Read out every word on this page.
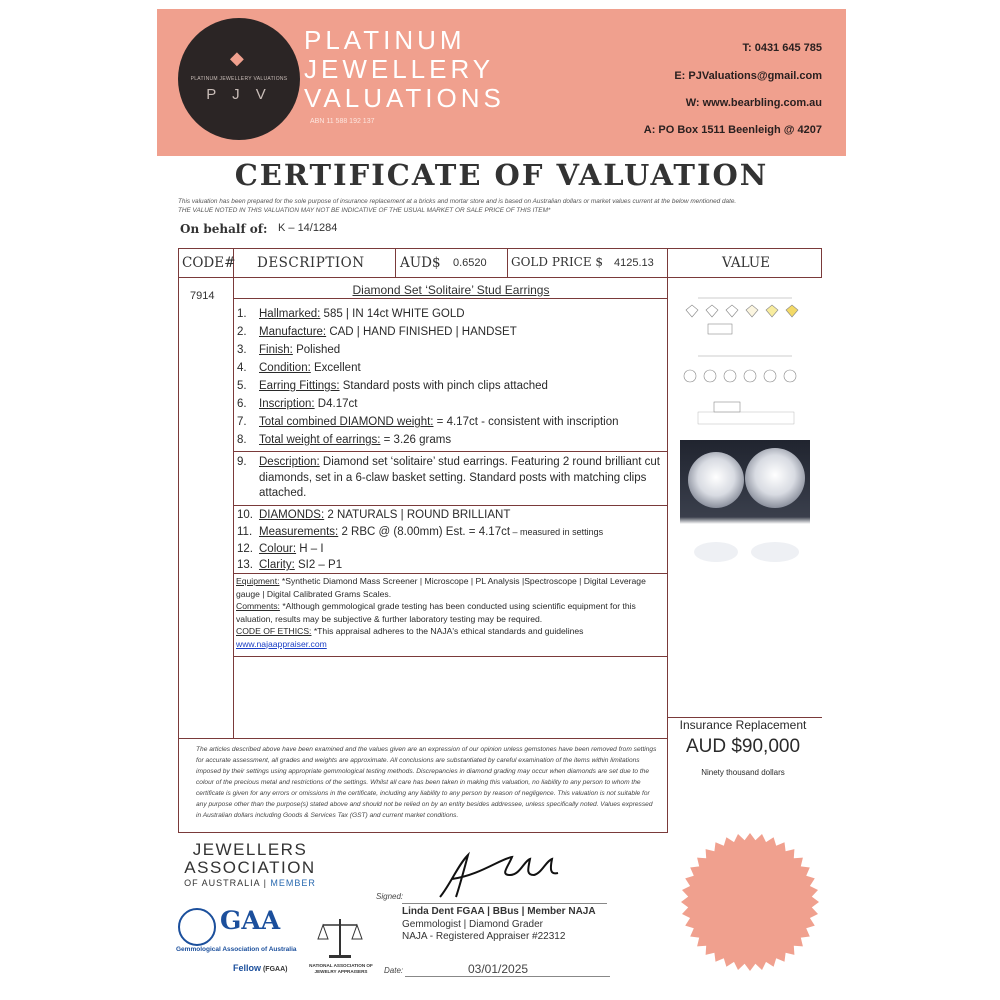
◆
PLATINUM JEWELLERY VALUATIONS
P J V
PLATINUM
JEWELLERY
VALUATIONS
ABN 11 588 192 137
T: 0431 645 785
E: PJValuations@gmail.com
W: www.bearbling.com.au
A: PO Box 1511 Beenleigh @ 4207
CERTIFICATE OF VALUATION
This valuation has been prepared for the sole purpose of insurance replacement at a bricks and mortar store and is based on Australian dollars or market values current at the below mentioned date.
THE VALUE NOTED IN THIS VALUATION MAY NOT BE INDICATIVE OF THE USUAL MARKET OR SALE PRICE OF THIS ITEM*
On behalf of: K – 14/1284
CODE# DESCRIPTION	AUD$ 0.6520 GOLD PRICE $ 4125.13	VALUE
7914	Diamond Set ‘Solitaire’ Stud Earrings
1. Hallmarked: 585 | IN 14ct WHITE GOLD
2. Manufacture: CAD | HAND FINISHED | HANDSET
3. Finish: Polished
4. Condition: Excellent
5. Earring Fittings: Standard posts with pinch clips attached
6. Inscription: D4.17ct
7. Total combined DIAMOND weight: = 4.17ct - consistent with inscription
8. Total weight of earrings: = 3.26 grams
9.	Description: Diamond set ‘solitaire’ stud earrings. Featuring 2 round brilliant cut diamonds, set in a 6-claw basket setting. Standard posts with matching clips attached.
10. DIAMONDS: 2 NATURALS | ROUND BRILLIANT
11. Measurements: 2 RBC @ (8.00mm) Est. = 4.17ct – measured in settings
12. Colour: H – I
13. Clarity: SI2 – P1
Equipment: *Synthetic Diamond Mass Screener | Microscope | PL Analysis |Spectroscope | Digital Leverage gauge | Digital Calibrated Grams Scales.
Comments: *Although gemmological grade testing has been conducted using scientific equipment for this valuation, results may be subjective & further laboratory testing may be required.
CODE OF ETHICS: *This appraisal adheres to the NAJA's ethical standards and guidelines
www.najaappraiser.com
Insurance Replacement
AUD $90,000
Ninety thousand dollars
The articles described above have been examined and the values given are an expression of our opinion unless gemstones have been removed from settings for accurate assessment, all grades and weights are approximate. All conclusions are substantiated by careful examination of the items within limitations imposed by their settings using appropriate gemmological testing methods. Discrepancies in diamond grading may occur when diamonds are set due to the colour of the precious metal and restrictions of the settings. Whilst all care has been taken in making this valuation, no liability to any person to whom the certificate is given for any errors or omissions in the certificate, including any liability to any person by reason of negligence. This valuation is not suitable for any purpose other than the purpose(s) stated above and should not be relied on by an entity besides addressee, unless specifically noted. Values expressed in Australian dollars including Goods & Services Tax (GST) and current market conditions.
JEWELLERS
ASSOCIATION
OF AUSTRALIA | MEMBER
GAA
Gemmological Association of Australia
Fellow (FGAA)
NATIONAL ASSOCIATION OF JEWELRY APPRAISERS
Signed:
Linda Dent FGAA | BBus | Member NAJA
Gemmologist | Diamond Grader
NAJA - Registered Appraiser #22312
Date:	03/01/2025
